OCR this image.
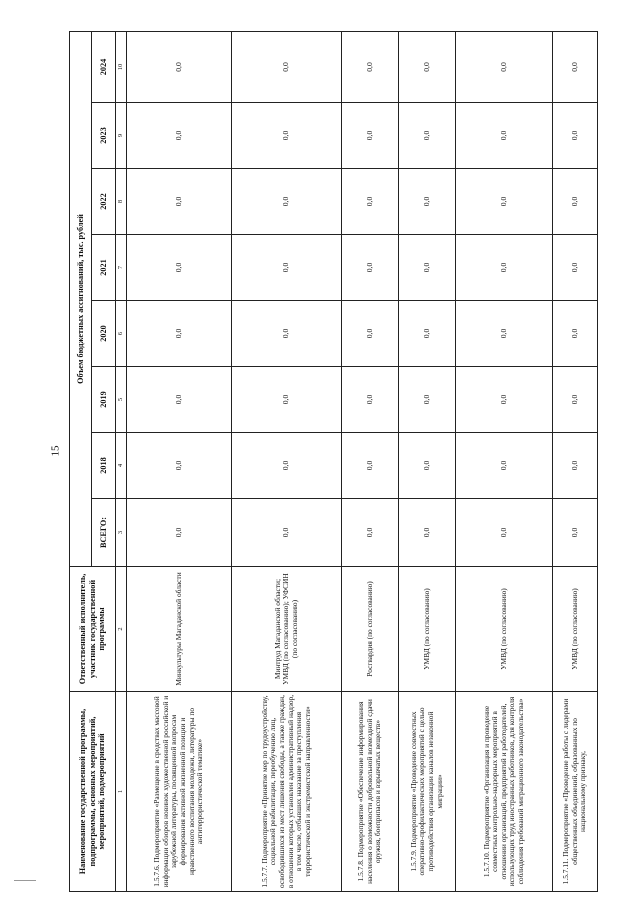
15
Наименование государственной программы, подпрограммы, основных мероприятий, мероприятий, подмероприятий	Ответственный исполнитель, участник государственной программы	Объем бюджетных ассигнований, тыс. рублей							
		ВСЕГО:	2018	2019	2020	2021	2022	2023	2024
1	2	3	4	5	6	7	8	9	10
1.5.7.6. Подмероприятие «Размещение в средствах массовой информации обзоров новинок художественной российской и зарубежной литературы, посвященной вопросам формирования активной жизненной позиции и нравственного воспитания молодежи, литературы по антитеррористической тематике»	Минкультуры Магаданской области	0,0	0,0	0,0	0,0	0,0	0,0	0,0	0,0
1.5.7.7. Подмероприятие «Принятие мер по трудоустройству, социальной реабилитации, переобучению лиц, освободившихся из мест лишения свободы, а также граждан, в отношении которых установлен административный надзор, в том числе, отбывших наказание за преступления террористической и экстремистской направленности»	Минтруд Магаданской области; УМВД (по согласованию); УФСИН (по согласованию)	0,0	0,0	0,0	0,0	0,0	0,0	0,0	0,0
1.5.7.8. Подмероприятие «Обеспечение информирования населения о возможности добровольной возмездной сдачи оружия, боеприпасов и взрывчатых веществ»	Росгвардия (по согласованию)	0,0	0,0	0,0	0,0	0,0	0,0	0,0	0,0
1.5.7.9. Подмероприятие «Проведение совместных оперативно-профилактических мероприятий с целью противодействия организации каналов незаконной миграции»	УМВД (по согласованию)	0,0	0,0	0,0	0,0	0,0	0,0	0,0	0,0
1.5.7.10. Подмероприятие «Организация и проведение совместных контрольно-надзорных мероприятий в отношении организаций, предприятий и работодателей, использующих труд иностранных работников, для контроля соблюдения требований миграционного законодательства»	УМВД (по согласованию)	0,0	0,0	0,0	0,0	0,0	0,0	0,0	0,0
1.5.7.11. Подмероприятие «Проведение работы с лидерами общественных объединений, образованных по национальному признаку,	УМВД (по согласованию)	0,0	0,0	0,0	0,0	0,0	0,0	0,0	0,0
